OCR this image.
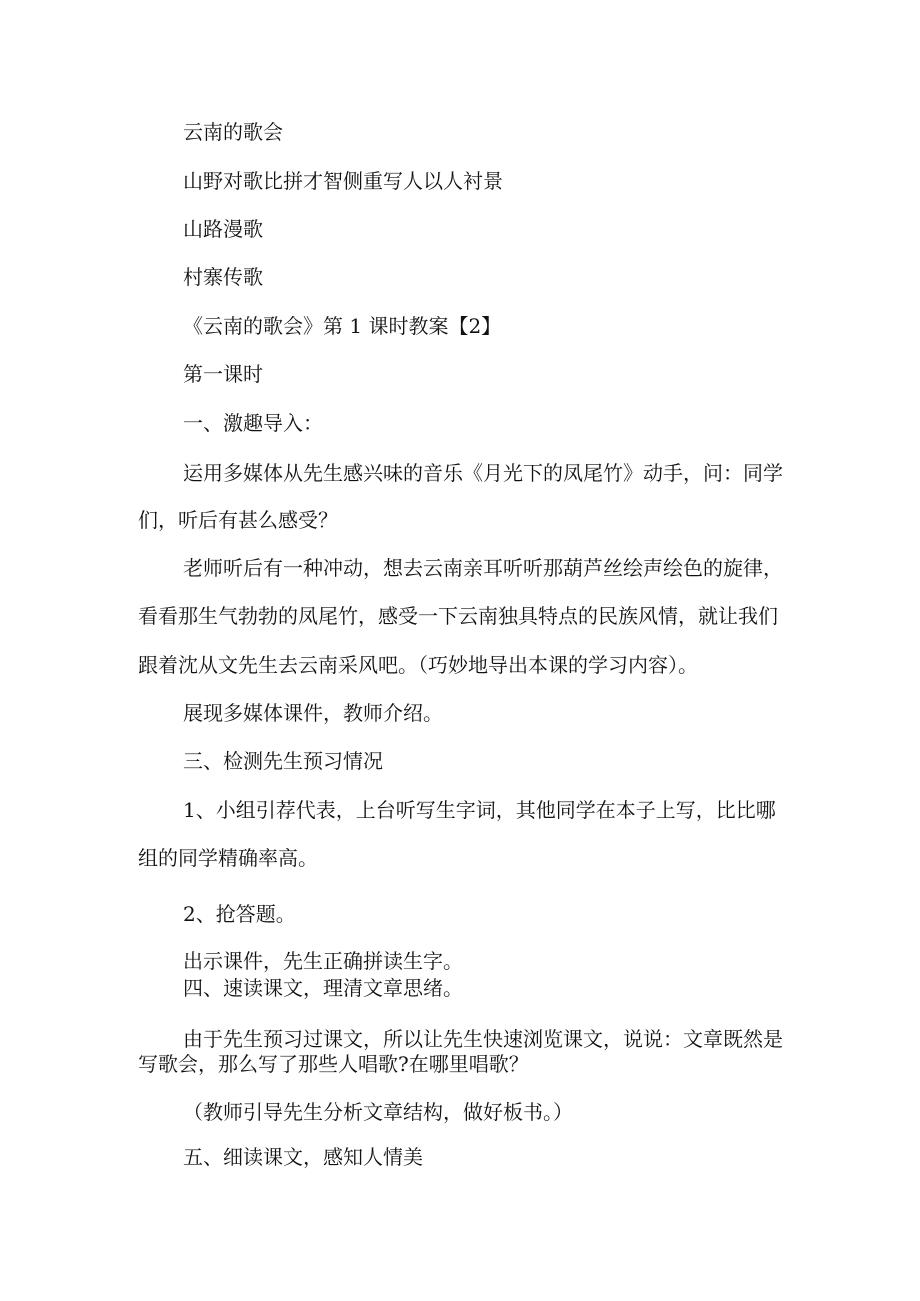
云南的歌会
山野对歌比拼才智侧重写人以人衬景
山路漫歌
村寨传歌
《云南的歌会》第 1 课时教案【2】
第一课时
一、激趣导入：
运用多媒体从先生感兴味的音乐《月光下的凤尾竹》动手，问：同学
们，听后有甚么感受？
老师听后有一种冲动，想去云南亲耳听听那葫芦丝绘声绘色的旋律，
看看那生气勃勃的凤尾竹，感受一下云南独具特点的民族风情，就让我们
跟着沈从文先生去云南采风吧。（巧妙地导出本课的学习内容）。
展现多媒体课件，教师介绍。
三、检测先生预习情况
1、小组引荐代表，上台听写生字词，其他同学在本子上写，比比哪
组的同学精确率高。
2、抢答题。
出示课件，先生正确拼读生字。
四、速读课文，理清文章思绪。
由于先生预习过课文，所以让先生快速浏览课文，说说：文章既然是
写歌会，那么写了那些人唱歌?在哪里唱歌？
（教师引导先生分析文章结构，做好板书。）
五、细读课文，感知人情美
